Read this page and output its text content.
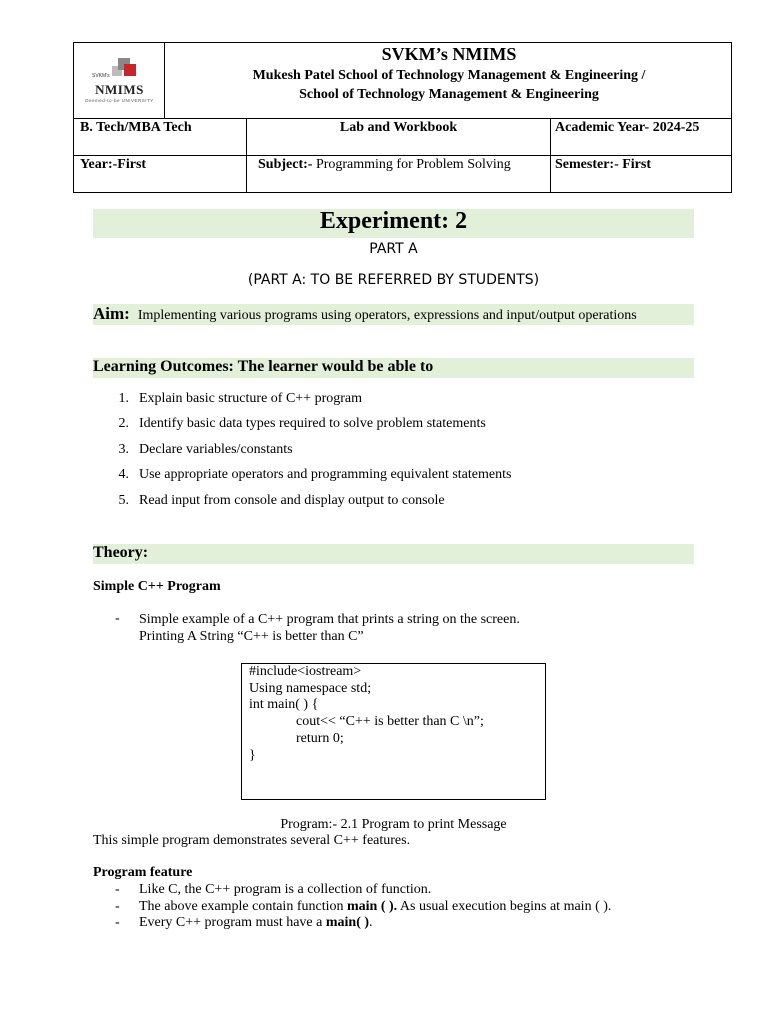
NMIMS
Deemed-to-be UNIVERSITY
SVKM's
SVKM’s NMIMS
Mukesh Patel School of Technology Management & Engineering /
School of Technology Management & Engineering
B. Tech/MBA Tech	Lab and Workbook	Academic Year- 2024-25
Year:-First	Subject:- Programming for Problem Solving	Semester:- First
Experiment: 2
PART A
(PART A: TO BE REFERRED BY STUDENTS)
Aim: Implementing various programs using operators, expressions and input/output operations
Learning Outcomes: The learner would be able to
1. Explain basic structure of C++ program
2. Identify basic data types required to solve problem statements
3. Declare variables/constants
4. Use appropriate operators and programming equivalent statements
5. Read input from console and display output to console
Theory:
Simple C++ Program
- Simple example of a C++ program that prints a string on the screen.
Printing A String “C++ is better than C”
#include<iostream>
Using namespace std;
int main( ) {
cout<< “C++ is better than C \n”;
return 0;
}
Program:- 2.1 Program to print Message
This simple program demonstrates several C++ features.
Program feature
- Like C, the C++ program is a collection of function.
- The above example contain function main ( ). As usual execution begins at main ( ).
- Every C++ program must have a main( ).
